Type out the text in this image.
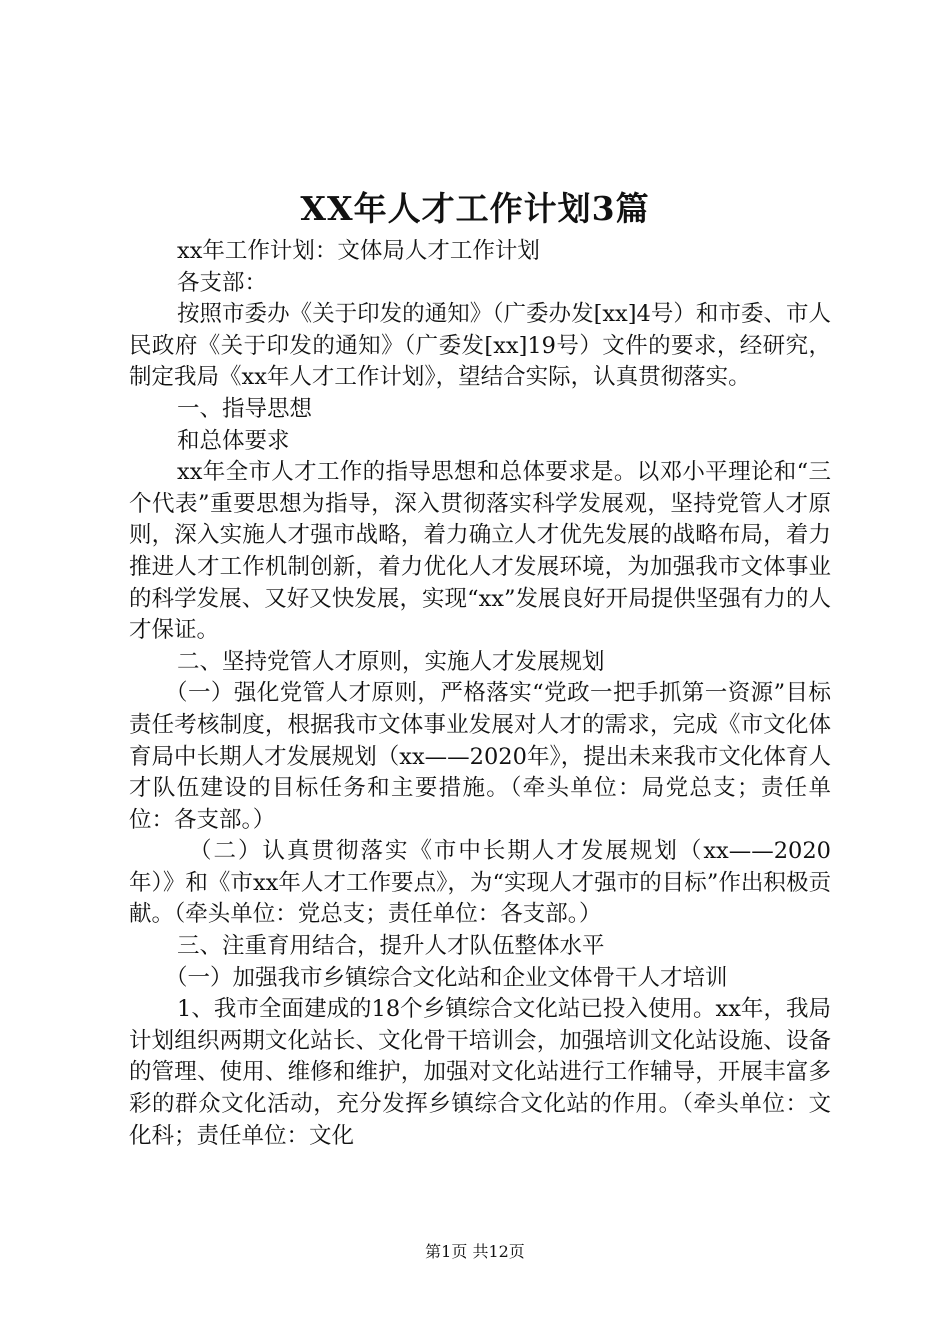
XX年人才工作计划3篇

xx年工作计划：文体局人才工作计划

各支部：

按照市委办《关于印发的通知》（广委办发[xx]4号）和市委、市人民政府《关于印发的通知》（广委发[xx]19号）文件的要求，经研究，制定我局《xx年人才工作计划》，望结合实际，认真贯彻落实。

一、指导思想

和总体要求

xx年全市人才工作的指导思想和总体要求是。以邓小平理论和“三个代表”重要思想为指导，深入贯彻落实科学发展观，坚持党管人才原则，深入实施人才强市战略，着力确立人才优先发展的战略布局，着力推进人才工作机制创新，着力优化人才发展环境，为加强我市文体事业的科学发展、又好又快发展，实现“xx”发展良好开局提供坚强有力的人才保证。

二、坚持党管人才原则，实施人才发展规划

（一）强化党管人才原则，严格落实“党政一把手抓第一资源”目标责任考核制度，根据我市文体事业发展对人才的需求，完成《市文化体育局中长期人才发展规划（xx——2020年》，提出未来我市文化体育人才队伍建设的目标任务和主要措施。（牵头单位：局党总支；责任单位：各支部。）

（二）认真贯彻落实《市中长期人才发展规划（xx——2020年）》和《市xx年人才工作要点》，为“实现人才强市的目标”作出积极贡献。（牵头单位：党总支；责任单位：各支部。）

三、注重育用结合，提升人才队伍整体水平

（一）加强我市乡镇综合文化站和企业文体骨干人才培训

1、我市全面建成的18个乡镇综合文化站已投入使用。xx年，我局计划组织两期文化站长、文化骨干培训会，加强培训文化站设施、设备的管理、使用、维修和维护，加强对文化站进行工作辅导，开展丰富多彩的群众文化活动，充分发挥乡镇综合文化站的作用。（牵头单位：文化科；责任单位：文化

第1页 共12页
